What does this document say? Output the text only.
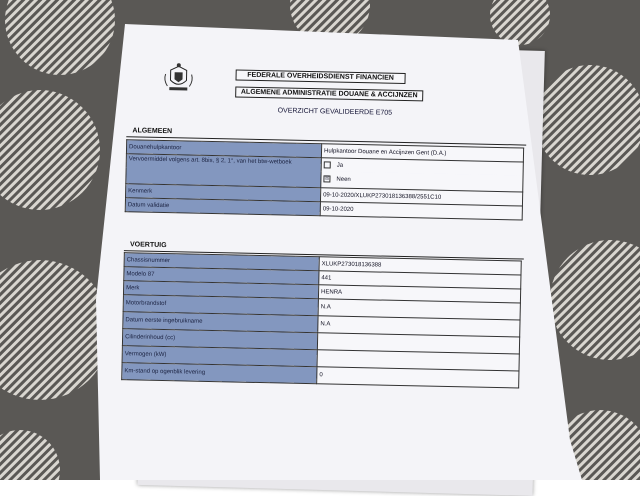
FEDERALE OVERHEIDSDIENST FINANCIEN
ALGEMENE ADMINISTRATIE DOUANE & ACCIJNZEN
OVERZICHT GEVALIDEERDE E705
ALGEMEEN
Douanehulpkantoor	Hulpkantoor Douane en Accijnzen Gent (D.A.)
Vervoermiddel volgens art. 8bis, § 2, 1°, van het btw-wetboek	Ja
	☒ Neen
Kenmerk	09-10-2020/XLUKP273018136388/2551C10
Datum validatie	09-10-2020
VOERTUIG
Chassisnummer	XLUKP273018136388
Modelo 87	441
Merk	HENRA
Motorbrandstof	N.A
Datum eerste ingebruikname	N.A
Cilinderinhoud (cc)	
Vermogen (kW)	
Km-stand op ogenblik levering	0
